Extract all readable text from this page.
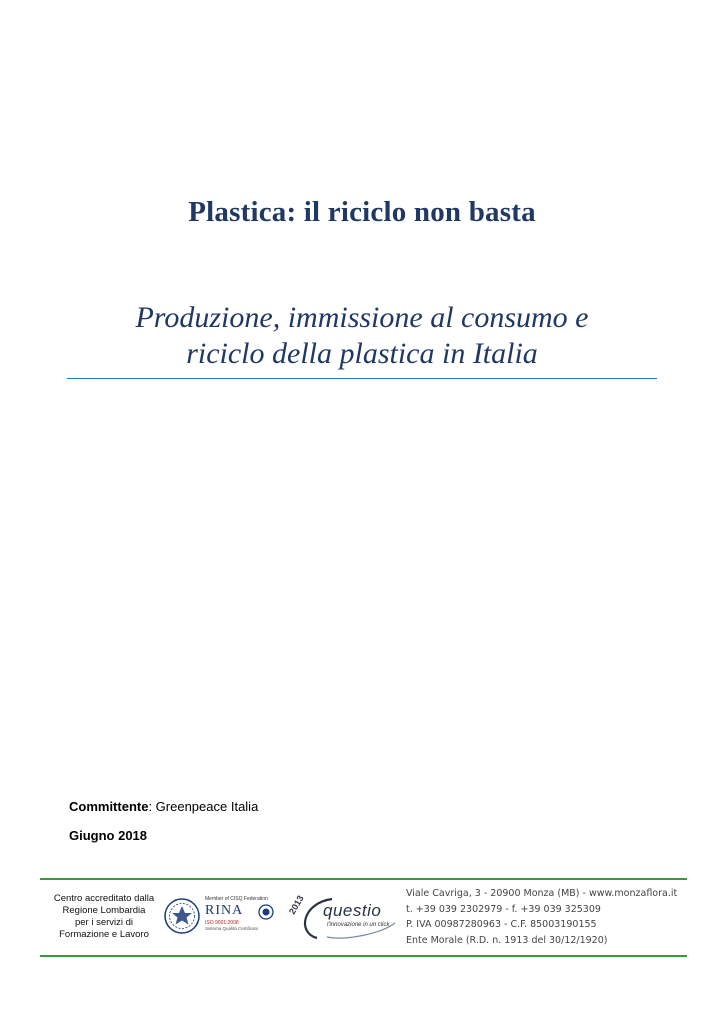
Plastica: il riciclo non basta
Produzione, immissione al consumo e
riciclo della plastica in Italia
Committente: Greenpeace Italia
Giugno 2018
Centro accreditato dalla
Regione Lombardia
per i servizi di
Formazione e Lavoro
Member of CISQ Federation
RINA
ISO 9001:2008
Sistema Qualità Certificato
2013 questio
l'innovazione in un click
Viale Cavriga, 3 - 20900 Monza (MB) - www.monzaflora.it
t. +39 039 2302979 - f. +39 039 325309
P. IVA 00987280963 - C.F. 85003190155
Ente Morale (R.D. n. 1913 del 30/12/1920)
